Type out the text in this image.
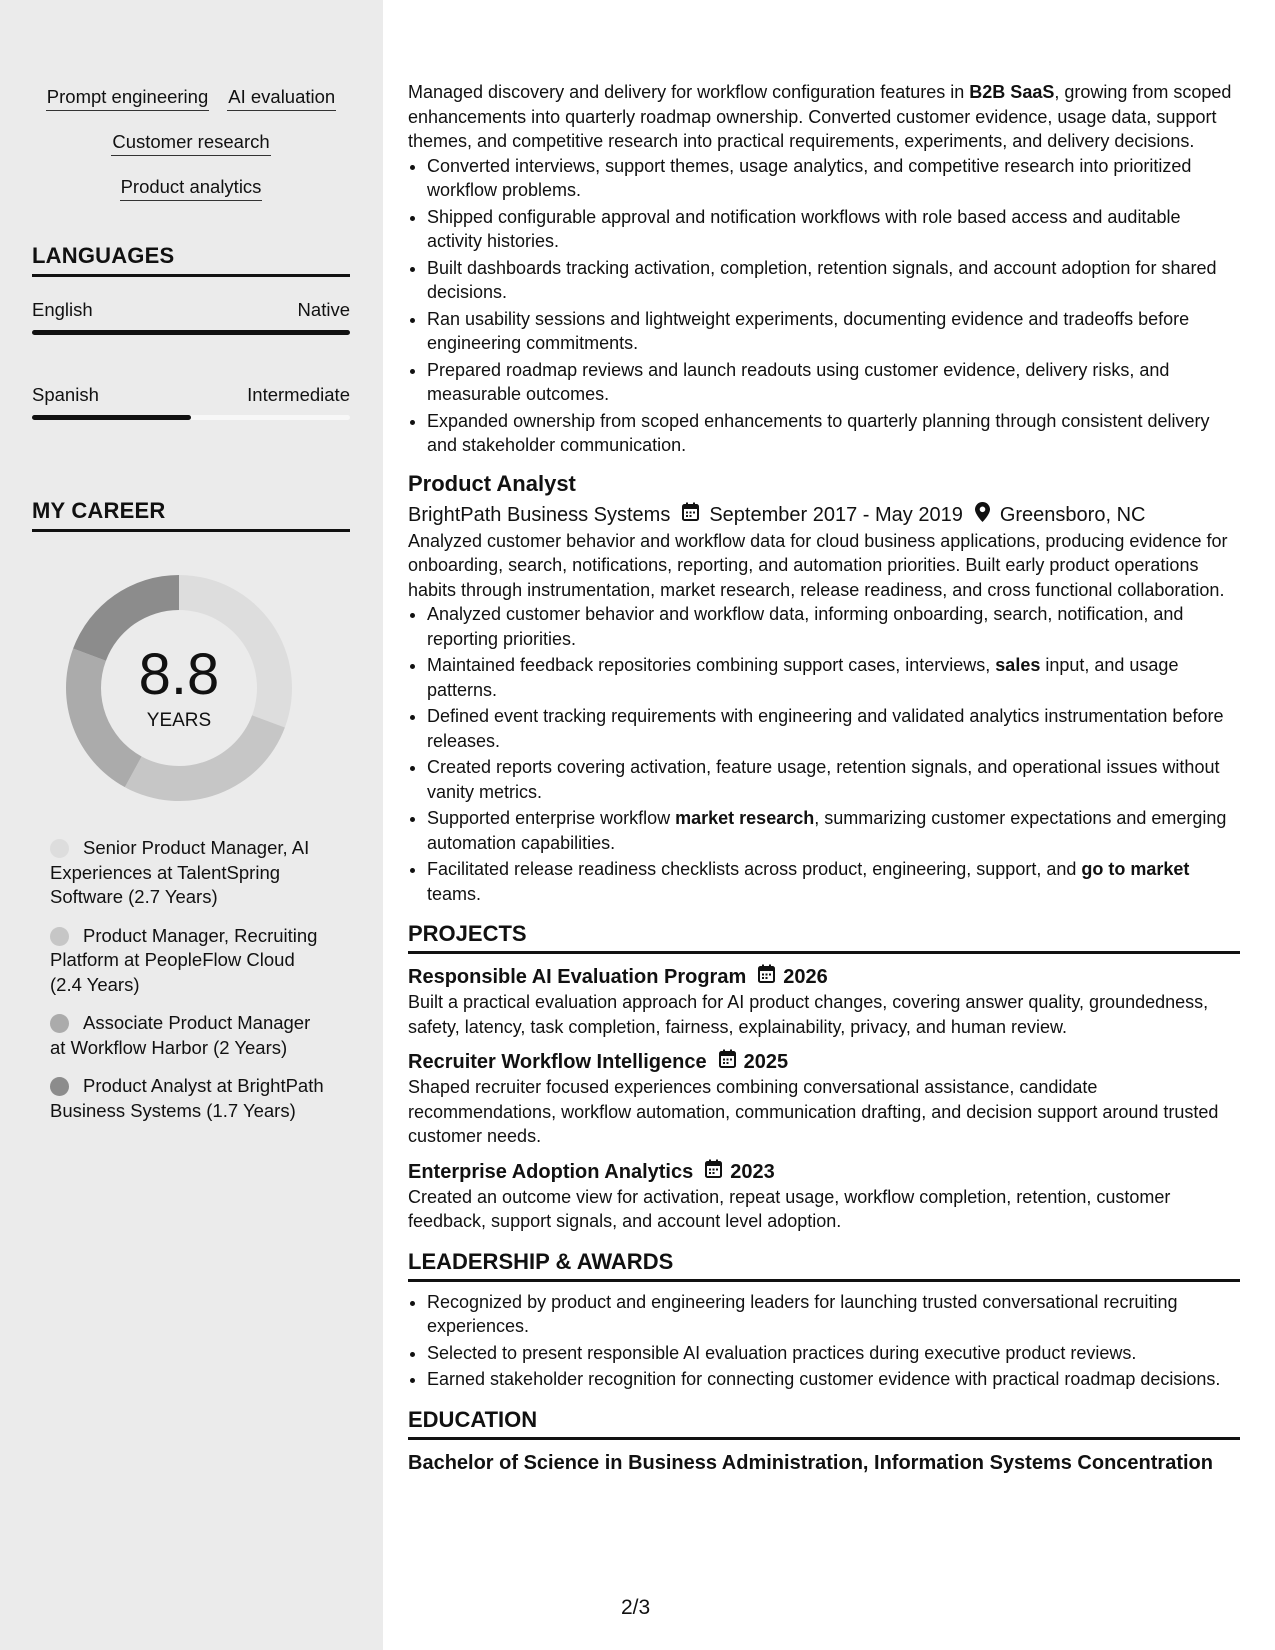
Prompt engineering AI evaluation
Customer research
Product analytics
LANGUAGES
English	Native
Spanish	Intermediate
MY CAREER
8.8
YEARS
Senior Product Manager, AI Experiences at TalentSpring Software (2.7 Years)
Product Manager, Recruiting Platform at PeopleFlow Cloud (2.4 Years)
Associate Product Manager at Workflow Harbor (2 Years)
Product Analyst at BrightPath Business Systems (1.7 Years)

Managed discovery and delivery for workflow configuration features in B2B SaaS, growing from scoped enhancements into quarterly roadmap ownership. Converted customer evidence, usage data, support themes, and competitive research into practical requirements, experiments, and delivery decisions.

• Converted interviews, support themes, usage analytics, and competitive research into prioritized workflow problems.
• Shipped configurable approval and notification workflows with role based access and auditable activity histories.
• Built dashboards tracking activation, completion, retention signals, and account adoption for shared decisions.
• Ran usability sessions and lightweight experiments, documenting evidence and tradeoffs before engineering commitments.
• Prepared roadmap reviews and launch readouts using customer evidence, delivery risks, and measurable outcomes.
• Expanded ownership from scoped enhancements to quarterly planning through consistent delivery and stakeholder communication.
Product Analyst
BrightPath Business Systems September 2017 - May 2019 Greensboro, NC

Analyzed customer behavior and workflow data for cloud business applications, producing evidence for onboarding, search, notifications, reporting, and automation priorities. Built early product operations habits through instrumentation, market research, release readiness, and cross functional collaboration.

• Analyzed customer behavior and workflow data, informing onboarding, search, notification, and reporting priorities.
• Maintained feedback repositories combining support cases, interviews, sales input, and usage patterns.
• Defined event tracking requirements with engineering and validated analytics instrumentation before releases.
• Created reports covering activation, feature usage, retention signals, and operational issues without vanity metrics.
• Supported enterprise workflow market research, summarizing customer expectations and emerging automation capabilities.
• Facilitated release readiness checklists across product, engineering, support, and go to market teams.
PROJECTS
Responsible AI Evaluation Program 2026

Built a practical evaluation approach for AI product changes, covering answer quality, groundedness, safety, latency, task completion, fairness, explainability, privacy, and human review.

Recruiter Workflow Intelligence 2025

Shaped recruiter focused experiences combining conversational assistance, candidate recommendations, workflow automation, communication drafting, and decision support around trusted customer needs.

Enterprise Adoption Analytics 2023

Created an outcome view for activation, repeat usage, workflow completion, retention, customer feedback, support signals, and account level adoption.

LEADERSHIP & AWARDS
• Recognized by product and engineering leaders for launching trusted conversational recruiting experiences.
• Selected to present responsible AI evaluation practices during executive product reviews.
• Earned stakeholder recognition for connecting customer evidence with practical roadmap decisions.
EDUCATION
Bachelor of Science in Business Administration, Information Systems Concentration
2/3
